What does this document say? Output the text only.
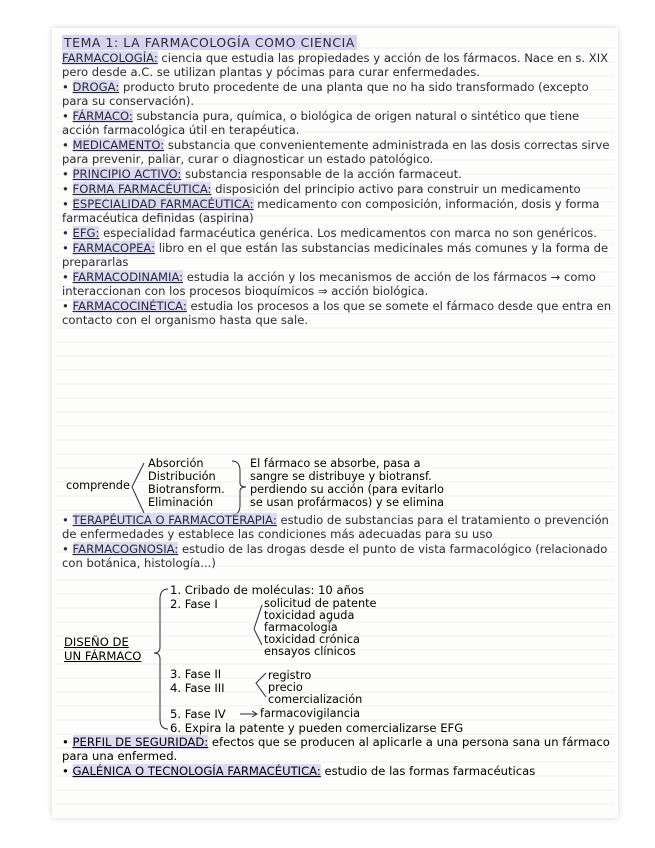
TEMA 1: LA FARMACOLOGÍA COMO CIENCIA

FARMACOLOGÍA: ciencia que estudia las propiedades y acción de los fármacos. Nace en s. XIX pero desde a.C. se utilizan plantas y pócimas para curar enfermedades.

• DROGA: producto bruto procedente de una planta que no ha sido transformado (excepto para su conservación).

• FÁRMACO: substancia pura, química, o biológica de origen natural o sintético que tiene acción farmacológica útil en terapéutica.

• MEDICAMENTO: substancia que convenientemente administrada en las dosis correctas sirve para prevenir, paliar, curar o diagnosticar un estado patológico.

• PRINCIPIO ACTIVO: substancia responsable de la acción farmaceut.

• FORMA FARMACÉUTICA: disposición del principio activo para construir un medicamento

• ESPECIALIDAD FARMACÉUTICA: medicamento con composición, información, dosis y forma farmacéutica definidas (aspirina)

• EFG: especialidad farmacéutica genérica. Los medicamentos con marca no son genéricos.

• FARMACOPEA: libro en el que están las substancias medicinales más comunes y la forma de prepararlas

• FARMACODINAMIA: estudia la acción y los mecanismos de acción de los fármacos → como interaccionan con los procesos bioquímicos ⇒ acción biológica.

• FARMACOCINÉTICA: estudia los procesos a los que se somete el fármaco desde que entra en contacto con el organismo hasta que sale.

comprende
Absorción
Distribución
Biotransform.
Eliminación
El fármaco se absorbe, pasa a
sangre se distribuye y biotransf.
perdiendo su acción (para evitarlo
se usan profármacos) y se elimina

• TERAPÉUTICA O FARMACOTERAPIA: estudio de substancias para el tratamiento o prevención de enfermedades y establece las condiciones más adecuadas para su uso

• FARMACOGNOSIA: estudio de las drogas desde el punto de vista farmacológico (relacionado con botánica, histología...)

DISEÑO DE
UN FÁRMACO
1. Cribado de moléculas: 10 años
2. Fase I	solicitud de patente
toxicidad aguda
farmacología
toxicidad crónica
ensayos clínicos
3. Fase II
4. Fase III
registro
precio
comercialización
5. Fase IV	farmacovigilancia
6. Expira la patente y pueden comercializarse EFG

• PERFIL DE SEGURIDAD: efectos que se producen al aplicarle a una persona sana un fármaco para una enfermed.

• GALÉNICA O TECNOLOGÍA FARMACÉUTICA: estudio de las formas farmacéuticas
